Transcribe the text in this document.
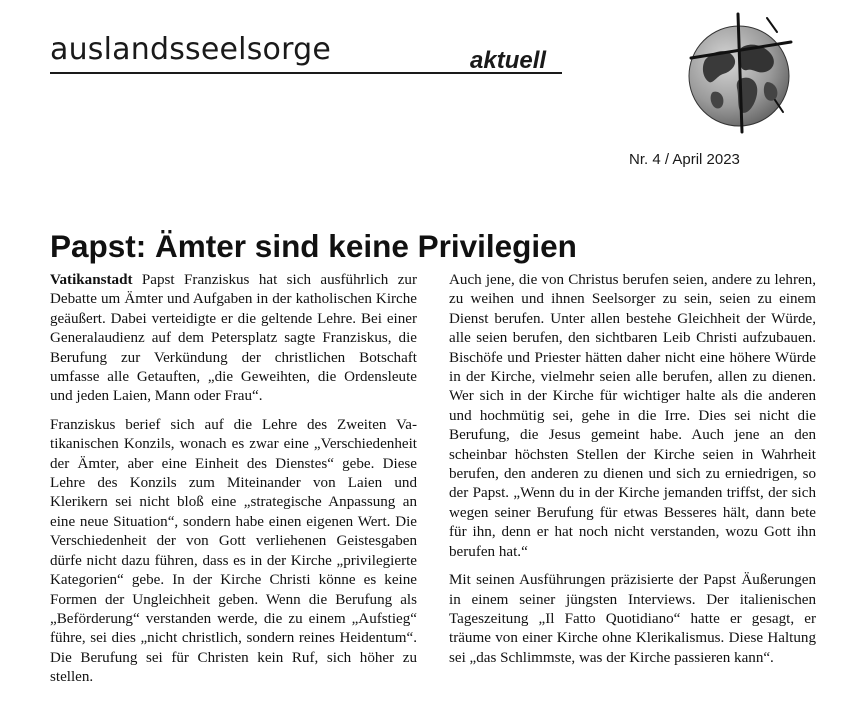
auslandsseelsorge	aktuell
Nr. 4 / April 2023
Papst: Ämter sind keine Privilegien

Vatikanstadt Papst Franziskus hat sich ausführlich zur Debatte um Ämter und Aufgaben in der katholischen Kirche geäußert. Dabei verteidigte er die geltende Lehre. Bei einer Generalaudienz auf dem Petersplatz sagte Franziskus, die Berufung zur Verkündung der christlichen Botschaft umfasse alle Getauften, „die Geweihten, die Ordensleute und jeden Laien, Mann oder Frau“.

Franziskus berief sich auf die Lehre des Zweiten Vatikanischen Konzils, wonach es zwar eine „Verschiedenheit der Ämter, aber eine Einheit des Dienstes“ gebe. Diese Lehre des Konzils zum Miteinander von Laien und Klerikern sei nicht bloß eine „strategische Anpassung an eine neue Situation“, sondern habe einen eigenen Wert. Die Verschiedenheit der von Gott verliehenen Geistesgaben dürfe nicht dazu führen, dass es in der Kirche „privilegierte Kategorien“ gebe. In der Kirche Christi könne es keine Formen der Ungleichheit geben. Wenn die Berufung als „Beförderung“ verstanden werde, die zu einem „Aufstieg“ führe, sei dies „nicht christlich, sondern reines Heidentum“. Die Berufung sei für Christen kein Ruf, sich höher zu stellen.

Auch jene, die von Christus berufen seien, andere zu lehren, zu weihen und ihnen Seelsorger zu sein, seien zu einem Dienst berufen. Unter allen bestehe Gleichheit der Würde, alle seien berufen, den sichtbaren Leib Christi aufzubauen. Bischöfe und Priester hätten daher nicht eine höhere Würde in der Kirche, vielmehr seien alle berufen, allen zu dienen. Wer sich in der Kirche für wichtiger halte als die anderen und hochmütig sei, gehe in die Irre. Dies sei nicht die Berufung, die Jesus gemeint habe. Auch jene an den scheinbar höchsten Stellen der Kirche seien in Wahrheit berufen, den anderen zu dienen und sich zu erniedrigen, so der Papst. „Wenn du in der Kirche jemanden triffst, der sich wegen seiner Berufung für etwas Besseres hält, dann bete für ihn, denn er hat noch nicht verstanden, wozu Gott ihn berufen hat.“

Mit seinen Ausführungen präzisierte der Papst Äußerungen in einem seiner jüngsten Interviews. Der italienischen Tageszeitung „Il Fatto Quotidiano“ hatte er gesagt, er träume von einer Kirche ohne Klerikalismus. Diese Haltung sei „das Schlimmste, was der Kirche passieren kann“.
